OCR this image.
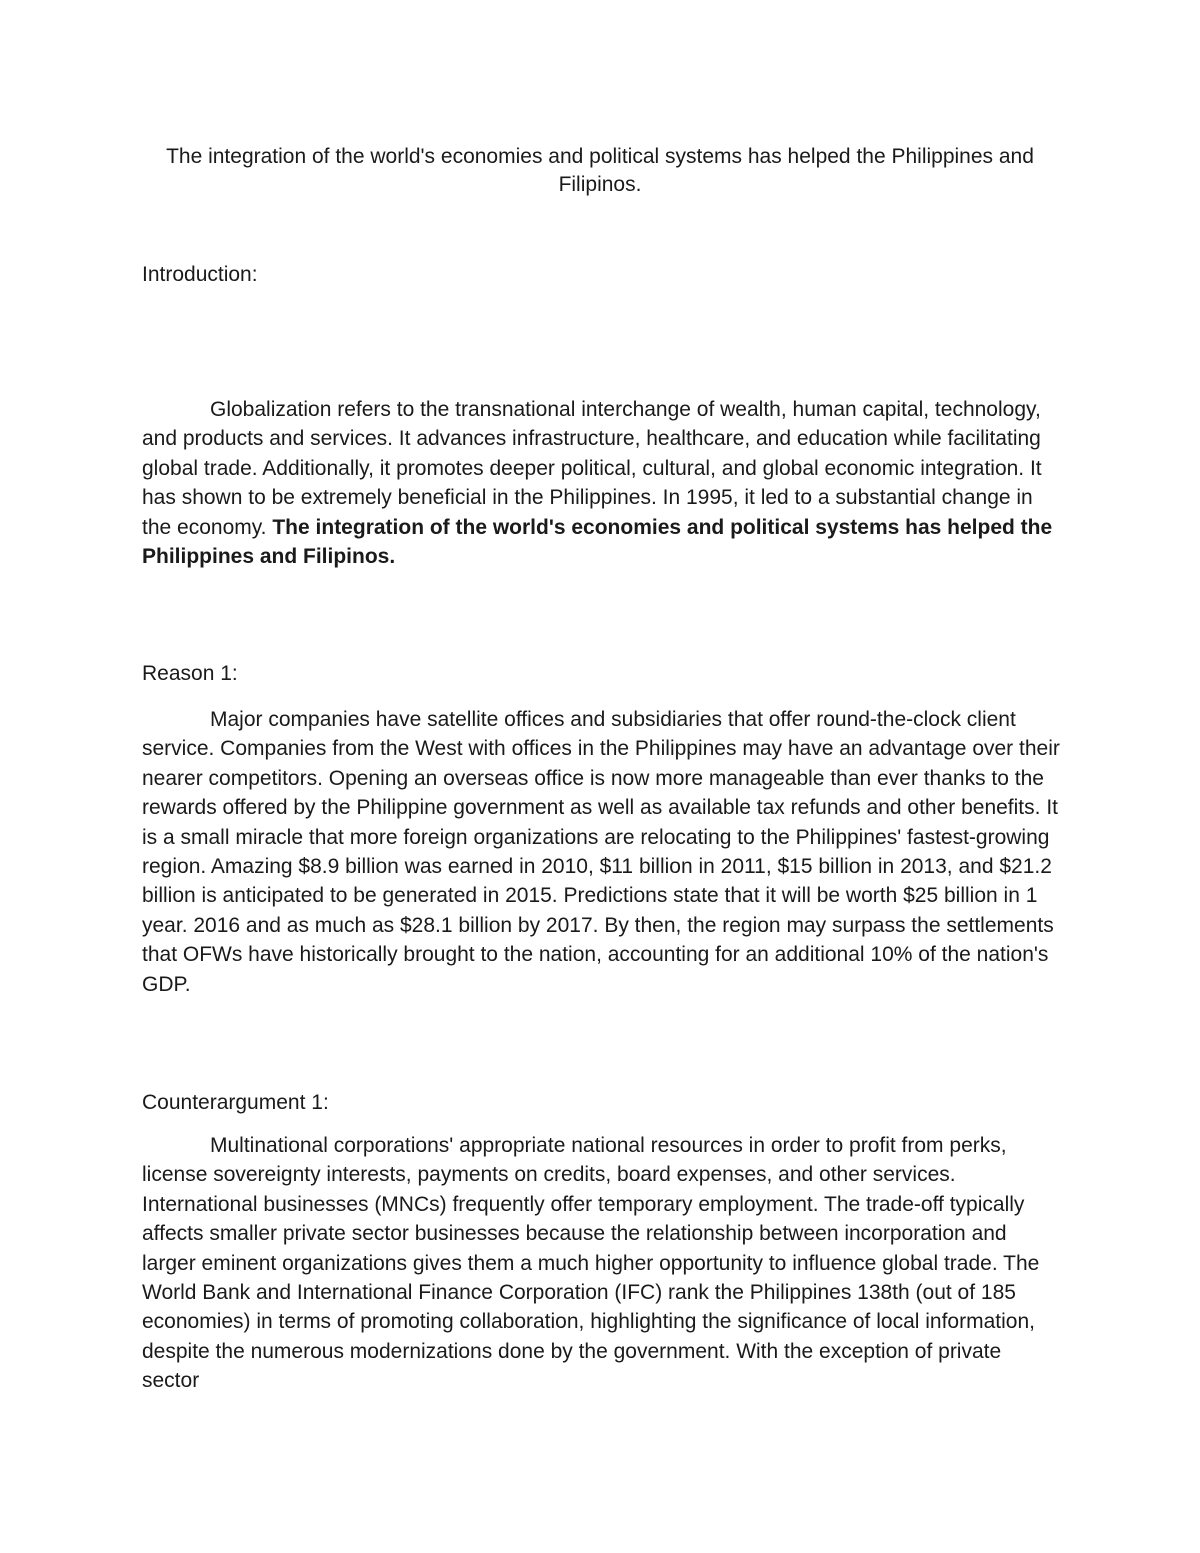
The integration of the world's economies and political systems has helped the Philippines and Filipinos.
Introduction:

Globalization refers to the transnational interchange of wealth, human capital, technology, and products and services. It advances infrastructure, healthcare, and education while facilitating global trade. Additionally, it promotes deeper political, cultural, and global economic integration. It has shown to be extremely beneficial in the Philippines. In 1995, it led to a substantial change in the economy. The integration of the world's economies and political systems has helped the Philippines and Filipinos.

Reason 1:

Major companies have satellite offices and subsidiaries that offer round-the-clock client service. Companies from the West with offices in the Philippines may have an advantage over their nearer competitors. Opening an overseas office is now more manageable than ever thanks to the rewards offered by the Philippine government as well as available tax refunds and other benefits. It is a small miracle that more foreign organizations are relocating to the Philippines' fastest-growing region. Amazing $8.9 billion was earned in 2010, $11 billion in 2011, $15 billion in 2013, and $21.2 billion is anticipated to be generated in 2015. Predictions state that it will be worth $25 billion in 1 year. 2016 and as much as $28.1 billion by 2017. By then, the region may surpass the settlements that OFWs have historically brought to the nation, accounting for an additional 10% of the nation's GDP.

Counterargument 1:

Multinational corporations' appropriate national resources in order to profit from perks, license sovereignty interests, payments on credits, board expenses, and other services. International businesses (MNCs) frequently offer temporary employment. The trade-off typically affects smaller private sector businesses because the relationship between incorporation and larger eminent organizations gives them a much higher opportunity to influence global trade. The World Bank and International Finance Corporation (IFC) rank the Philippines 138th (out of 185 economies) in terms of promoting collaboration, highlighting the significance of local information, despite the numerous modernizations done by the government. With the exception of private sector
